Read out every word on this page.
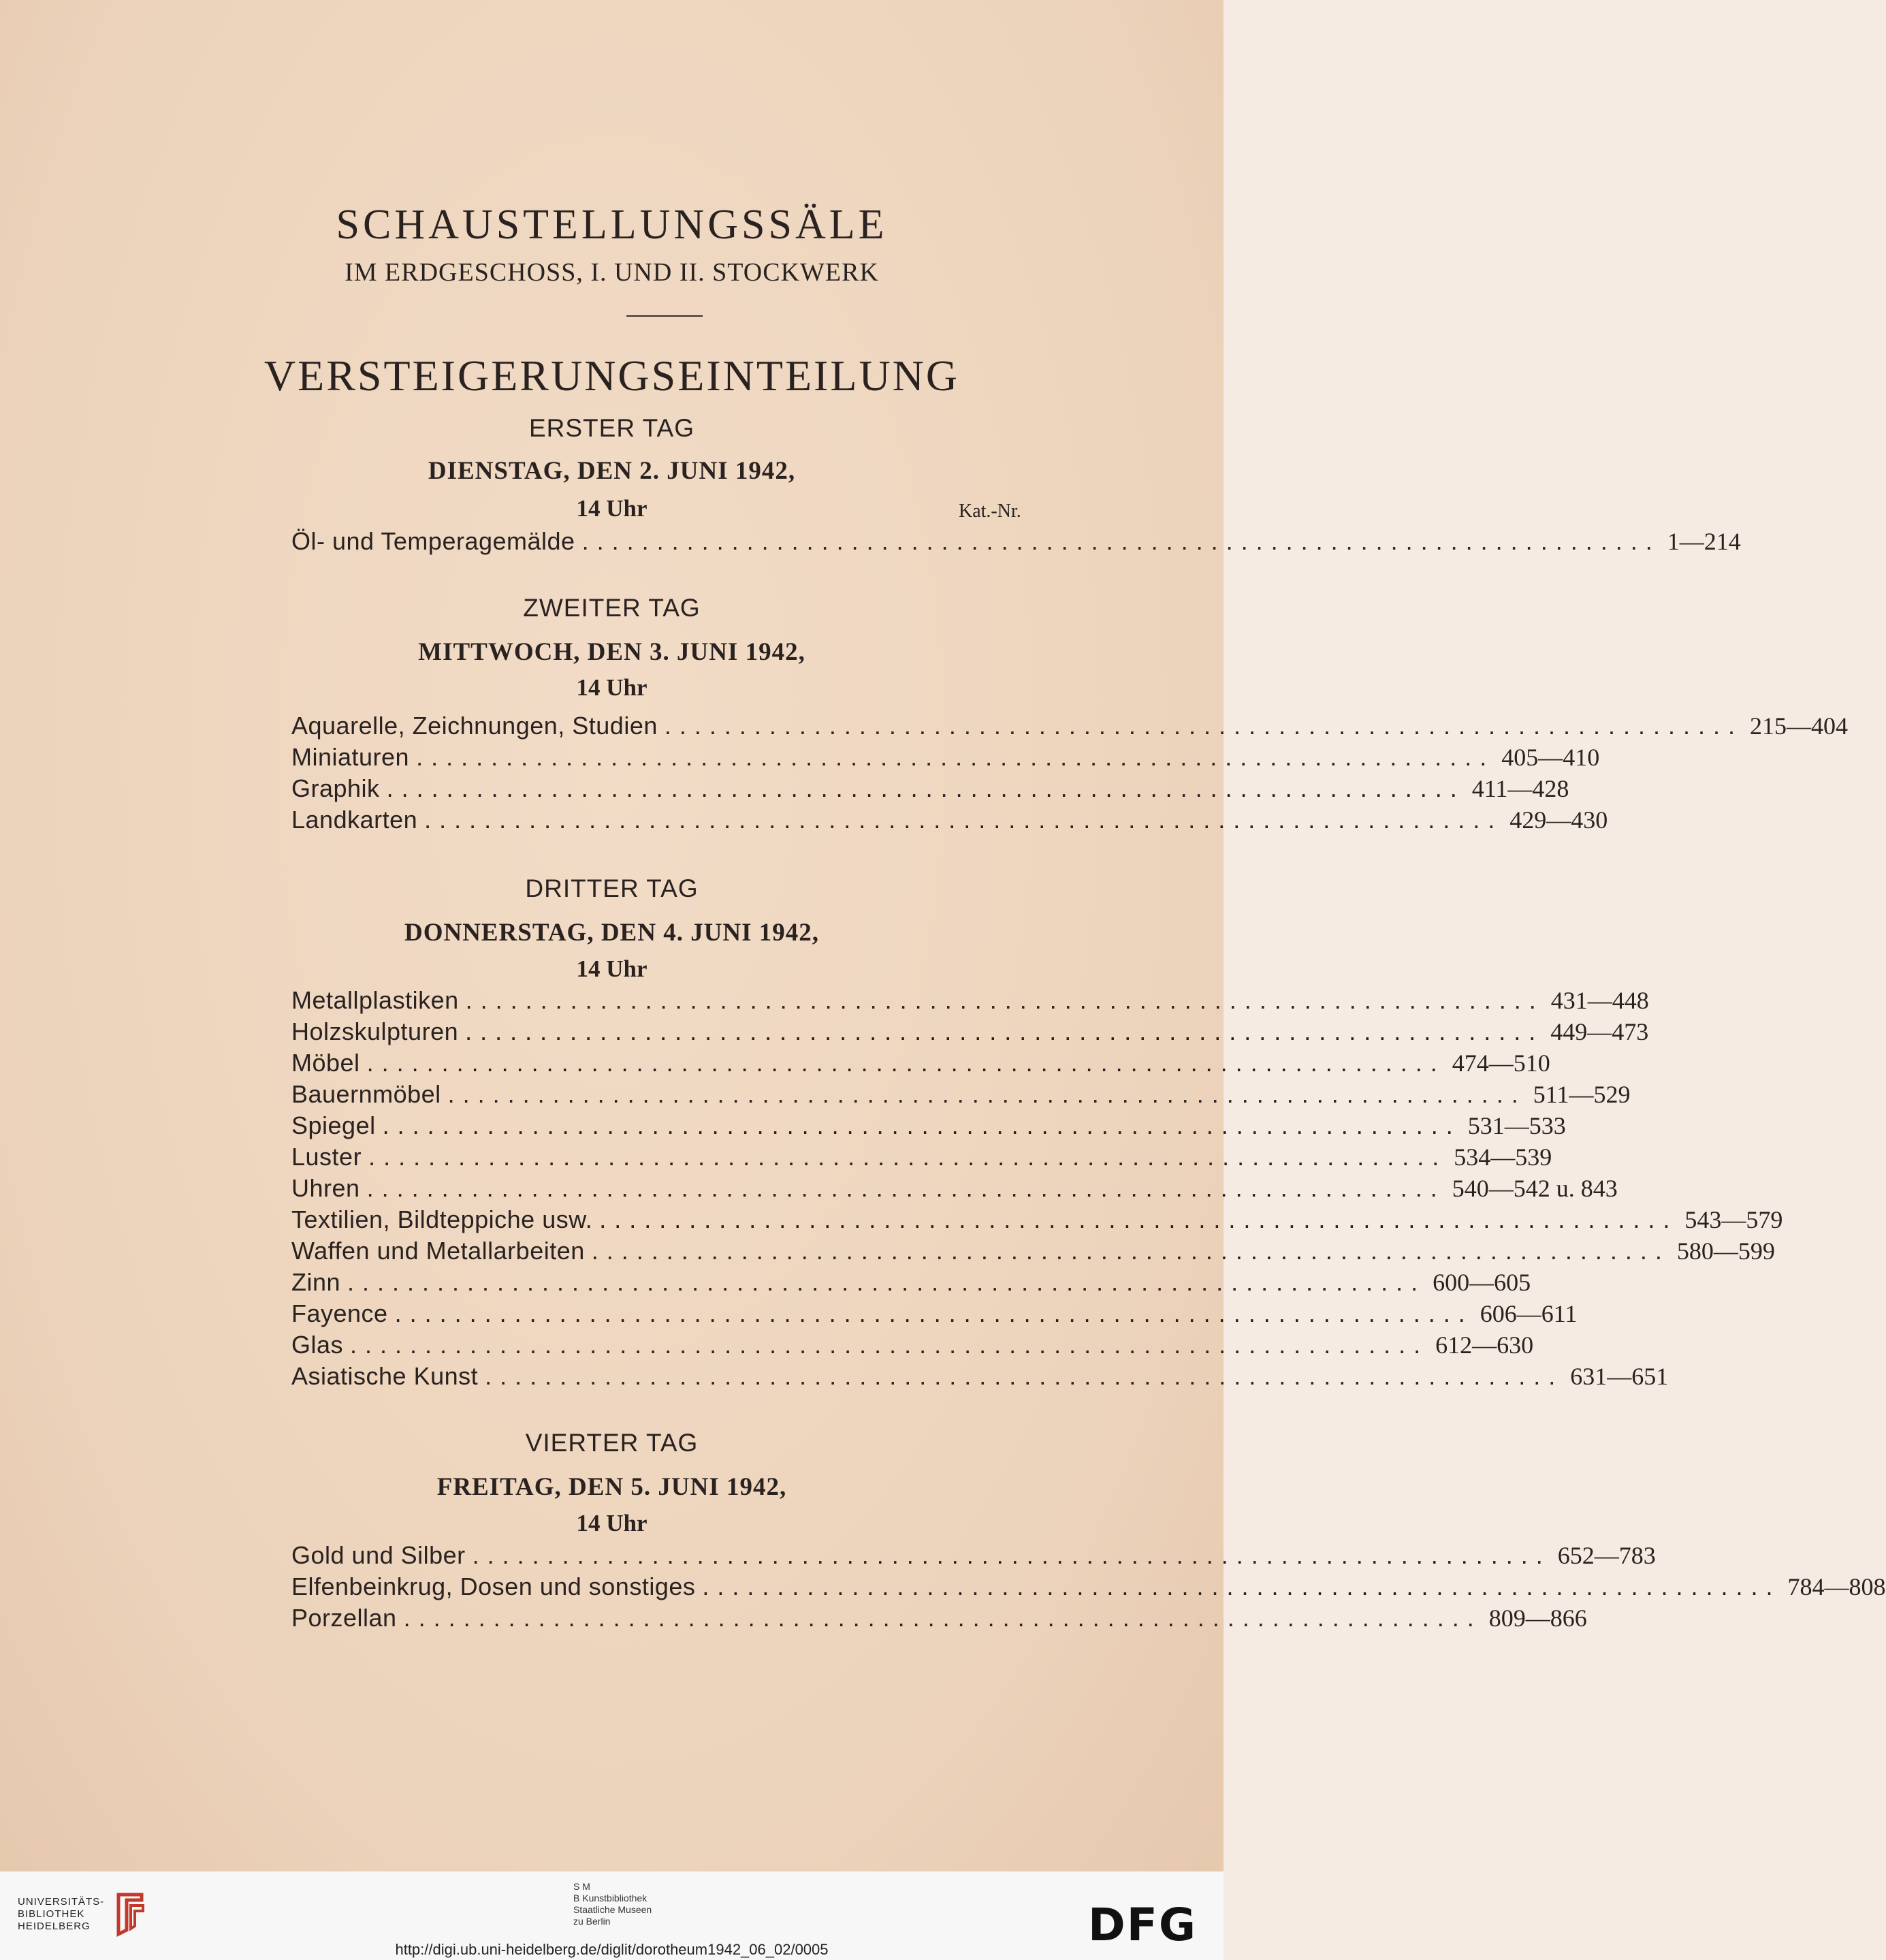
SCHAUSTELLUNGSSÄLE
IM ERDGESCHOSS, I. UND II. STOCKWERK
VERSTEIGERUNGSEINTEILUNG
ERSTER TAG
DIENSTAG, DEN 2. JUNI 1942,
14 Uhr	Kat.-Nr.
Öl- und Temperagemälde ........................................................................ 1—214
ZWEITER TAG
MITTWOCH, DEN 3. JUNI 1942,
14 Uhr
Aquarelle, Zeichnungen, Studien ........................................................................ 215—404
Miniaturen ........................................................................ 405—410
Graphik ........................................................................ 411—428
Landkarten ........................................................................ 429—430
DRITTER TAG
DONNERSTAG, DEN 4. JUNI 1942,
14 Uhr
Metallplastiken ........................................................................ 431—448
Holzskulpturen ........................................................................ 449—473
Möbel ........................................................................ 474—510
Bauernmöbel ........................................................................ 511—529
Spiegel ........................................................................ 531—533
Luster ........................................................................ 534—539
Uhren ........................................................................ 540—542 u. 843
Textilien, Bildteppiche usw. ........................................................................ 543—579
Waffen und Metallarbeiten ........................................................................ 580—599
Zinn ........................................................................ 600—605
Fayence ........................................................................ 606—611
Glas ........................................................................ 612—630
Asiatische Kunst ........................................................................ 631—651
VIERTER TAG
FREITAG, DEN 5. JUNI 1942,
14 Uhr
Gold und Silber ........................................................................ 652—783
Elfenbeinkrug, Dosen und sonstiges ........................................................................ 784—808
Porzellan ........................................................................ 809—866
UNIVERSITÄTS-
BIBLIOTHEK
HEIDELBERG
S M
B Kunstbibliothek
Staatliche Museen
zu Berlin	DFG
http://digi.ub.uni-heidelberg.de/diglit/dorotheum1942_06_02/0005
